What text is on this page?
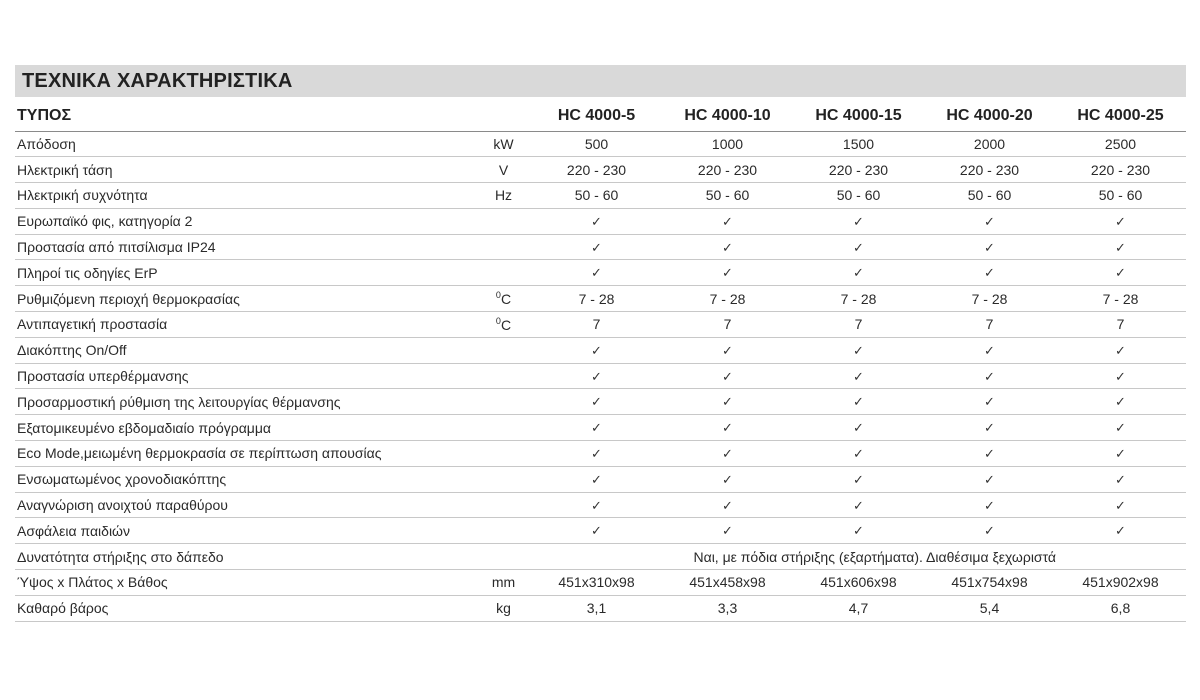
ΤΕΧΝΙΚΑ ΧΑΡΑΚΤΗΡΙΣΤΙΚΑ
ΤΥΠΟΣ		HC 4000-5	HC 4000-10	HC 4000-15	HC 4000-20	HC 4000-25
Απόδοση	kW	500	1000	1500	2000	2500
Ηλεκτρική τάση	V	220 - 230	220 - 230	220 - 230	220 - 230	220 - 230
Ηλεκτρική συχνότητα	Hz	50 - 60	50 - 60	50 - 60	50 - 60	50 - 60
Ευρωπαϊκό φις, κατηγορία 2		✓	✓	✓	✓	✓
Προστασία από πιτσίλισμα IP24		✓	✓	✓	✓	✓
Πληροί τις οδηγίες ErP		✓	✓	✓	✓	✓
Ρυθμιζόμενη περιοχή θερμοκρασίας	$^0$C	7 - 28	7 - 28	7 - 28	7 - 28	7 - 28
Αντιπαγετική προστασία	$^0$C	7	7	7	7	7
Διακόπτης On/Off		✓	✓	✓	✓	✓
Προστασία υπερθέρμανσης		✓	✓	✓	✓	✓
Προσαρμοστική ρύθμιση της λειτουργίας θέρμανσης		✓	✓	✓	✓	✓
Εξατομικευμένο εβδομαδιαίο πρόγραμμα		✓	✓	✓	✓	✓
Eco Mode,μειωμένη θερμοκρασία σε περίπτωση απουσίας		✓	✓	✓	✓	✓
Ενσωματωμένος χρονοδιακόπτης		✓	✓	✓	✓	✓
Αναγνώριση ανοιχτού παραθύρου		✓	✓	✓	✓	✓
Ασφάλεια παιδιών		✓	✓	✓	✓	✓
Δυνατότητα στήριξης στο δάπεδο		Ναι, με πόδια στήριξης (εξαρτήματα). Διαθέσιμα ξεχωριστά				
Ύψος x Πλάτος x Βάθος	mm	451x310x98	451x458x98	451x606x98	451x754x98	451x902x98
Καθαρό βάρος	kg	3,1	3,3	4,7	5,4	6,8
